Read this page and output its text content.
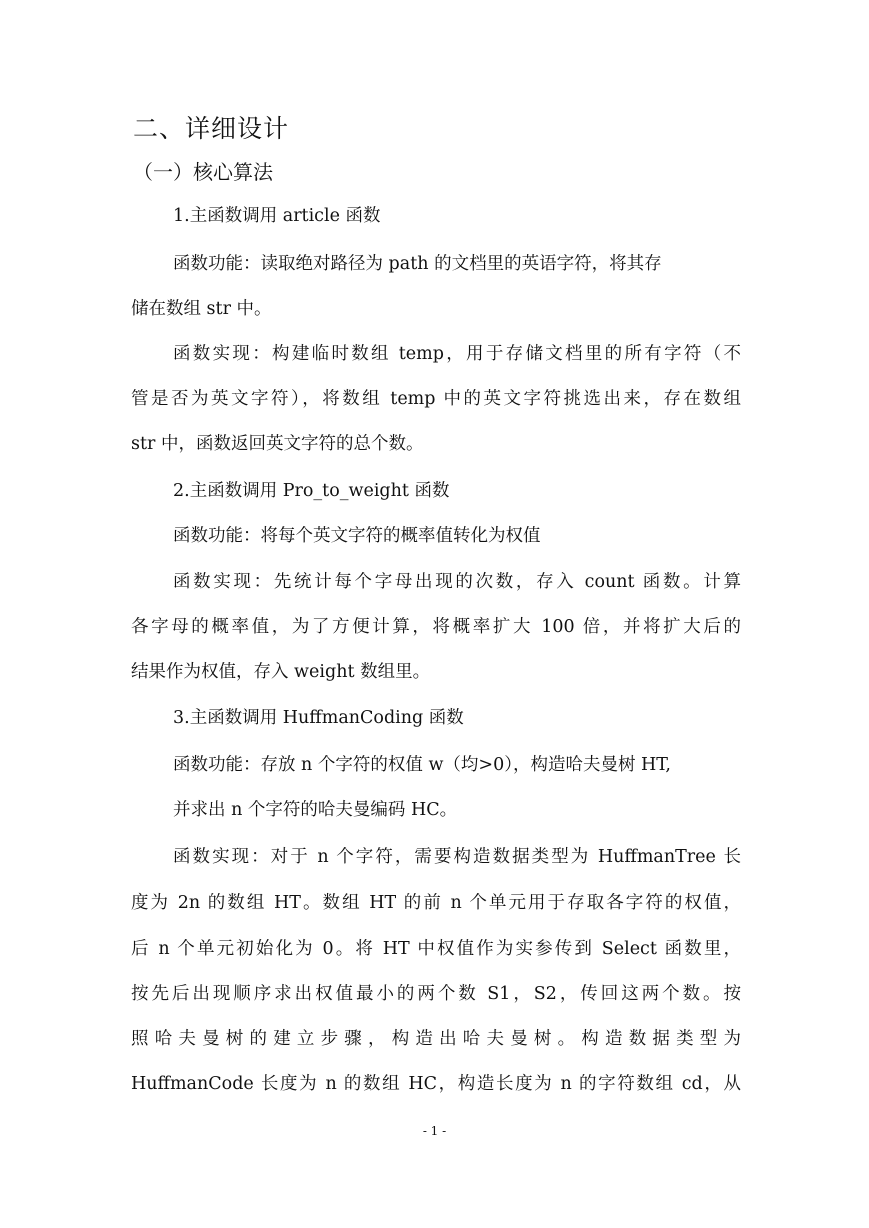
二、详细设计
（一）核心算法
1.主函数调用 article 函数
函数功能：读取绝对路径为 path 的文档里的英语字符，将其存
储在数组 str 中。
函数实现：构建临时数组 temp，用于存储文档里的所有字符（不
管是否为英文字符），将数组 temp 中的英文字符挑选出来，存在数组
str 中，函数返回英文字符的总个数。
2.主函数调用 Pro_to_weight 函数
函数功能：将每个英文字符的概率值转化为权值
函数实现：先统计每个字母出现的次数，存入 count 函数。计算
各字母的概率值，为了方便计算，将概率扩大 100 倍，并将扩大后的
结果作为权值，存入 weight 数组里。
3.主函数调用 HuffmanCoding 函数
函数功能：存放 n 个字符的权值 w（均>0），构造哈夫曼树 HT,
并求出 n 个字符的哈夫曼编码 HC。
函数实现：对于 n 个字符，需要构造数据类型为 HuffmanTree 长
度为 2n 的数组 HT。数组 HT 的前 n 个单元用于存取各字符的权值，
后 n 个单元初始化为 0。将 HT 中权值作为实参传到 Select 函数里，
按先后出现顺序求出权值最小的两个数 S1，S2，传回这两个数。按
照哈夫曼树的建立步骤，构造出哈夫曼树。构造数据类型为
HuffmanCode 长度为 n 的数组 HC，构造长度为 n 的字符数组 cd，从
- 1 -
